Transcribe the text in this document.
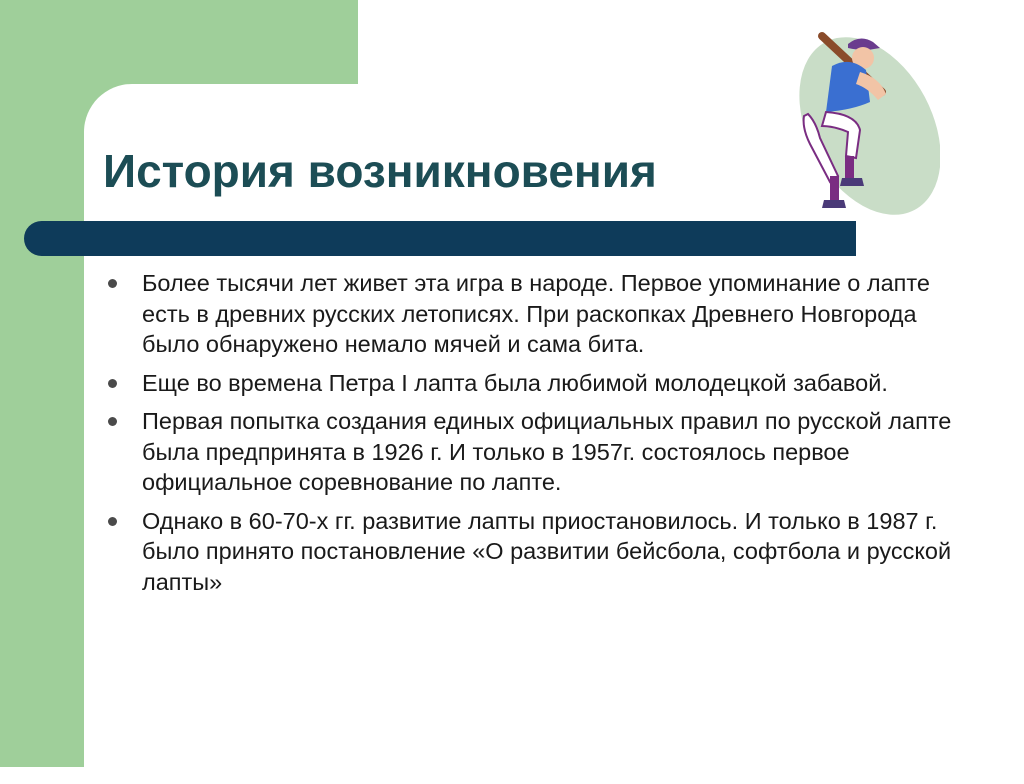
История возникновения
Более тысячи лет живет эта игра в народе. Первое упоминание о лапте есть в древних русских летописях. При раскопках Древнего Новгорода было обнаружено немало мячей и сама бита.
Еще во времена Петра I лапта была любимой молодецкой забавой.
Первая попытка создания единых официальных правил по русской лапте была предпринята в 1926 г. И только в 1957г. состоялось первое официальное соревнование по лапте.
Однако в 60-70-х гг. развитие лапты приостановилось. И только в 1987 г. было принято постановление «О развитии бейсбола, софтбола и русской лапты»
